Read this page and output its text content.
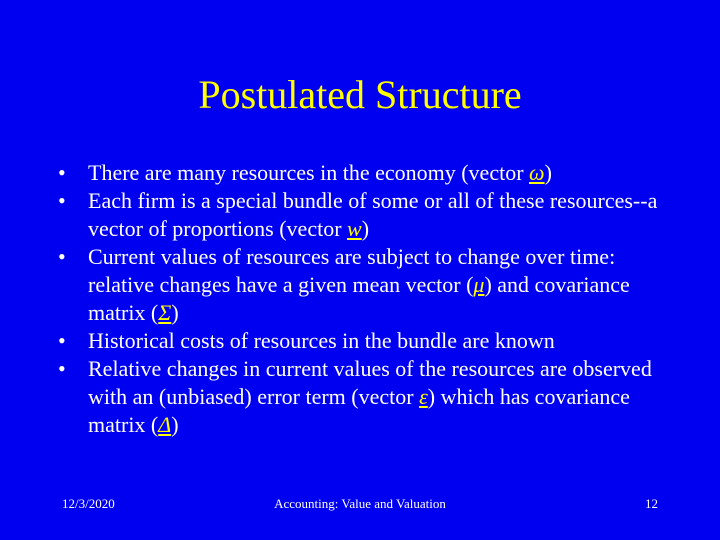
Postulated Structure
• There are many resources in the economy (vector ω)
• Each firm is a special bundle of some or all of these resources--a vector of proportions (vector w)
• Current values of resources are subject to change over time: relative changes have a given mean vector (μ) and covariance matrix (Σ)
• Historical costs of resources in the bundle are known
• Relative changes in current values of the resources are observed with an (unbiased) error term (vector ε) which has covariance matrix (Δ)
12/3/2020	Accounting: Value and Valuation	12
